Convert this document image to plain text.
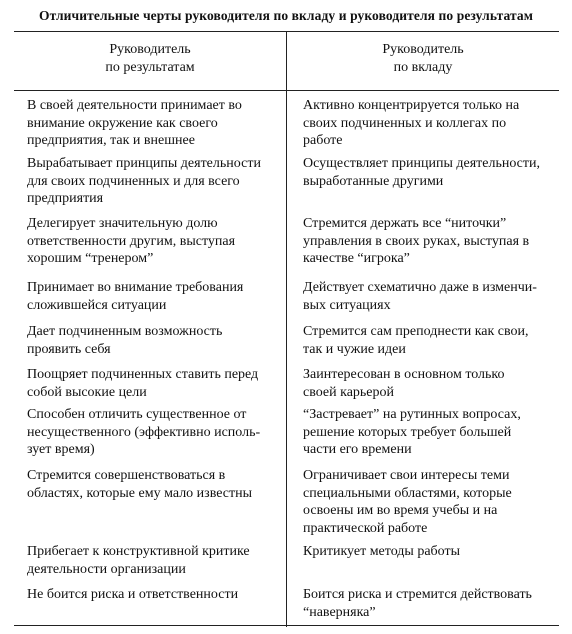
Отличительные черты руководителя по вкладу и руководителя по результатам
Руководитель
по результатам
Руководитель
по вкладу
В своей деятельности принимает во
внимание окружение как своего
предприятия, так и внешнее
Активно концентрируется только на
своих подчиненных и коллегах по
работе
Вырабатывает принципы деятельности
для своих подчиненных и для всего
предприятия
Осуществляет принципы деятельности,
выработанные другими
Делегирует значительную долю
ответственности другим, выступая
хорошим “тренером”
Стремится держать все “ниточки”
управления в своих руках, выступая в
качестве “игрока”
Принимает во внимание требования
сложившейся ситуации
Действует схематично даже в изменчи-
вых ситуациях
Дает подчиненным возможность
проявить себя
Стремится сам преподнести как свои,
так и чужие идеи
Поощряет подчиненных ставить перед
собой высокие цели
Заинтересован в основном только
своей карьерой
Способен отличить существенное от
несущественного (эффективно исполь-
зует время)
“Застревает” на рутинных вопросах,
решение которых требует большей
части его времени
Стремится совершенствоваться в
областях, которые ему мало известны
Ограничивает свои интересы теми
специальными областями, которые
освоены им во время учебы и на
практической работе
Прибегает к конструктивной критике
деятельности организации
Критикует методы работы
Не боится риска и ответственности	Боится риска и стремится действовать
“наверняка”
